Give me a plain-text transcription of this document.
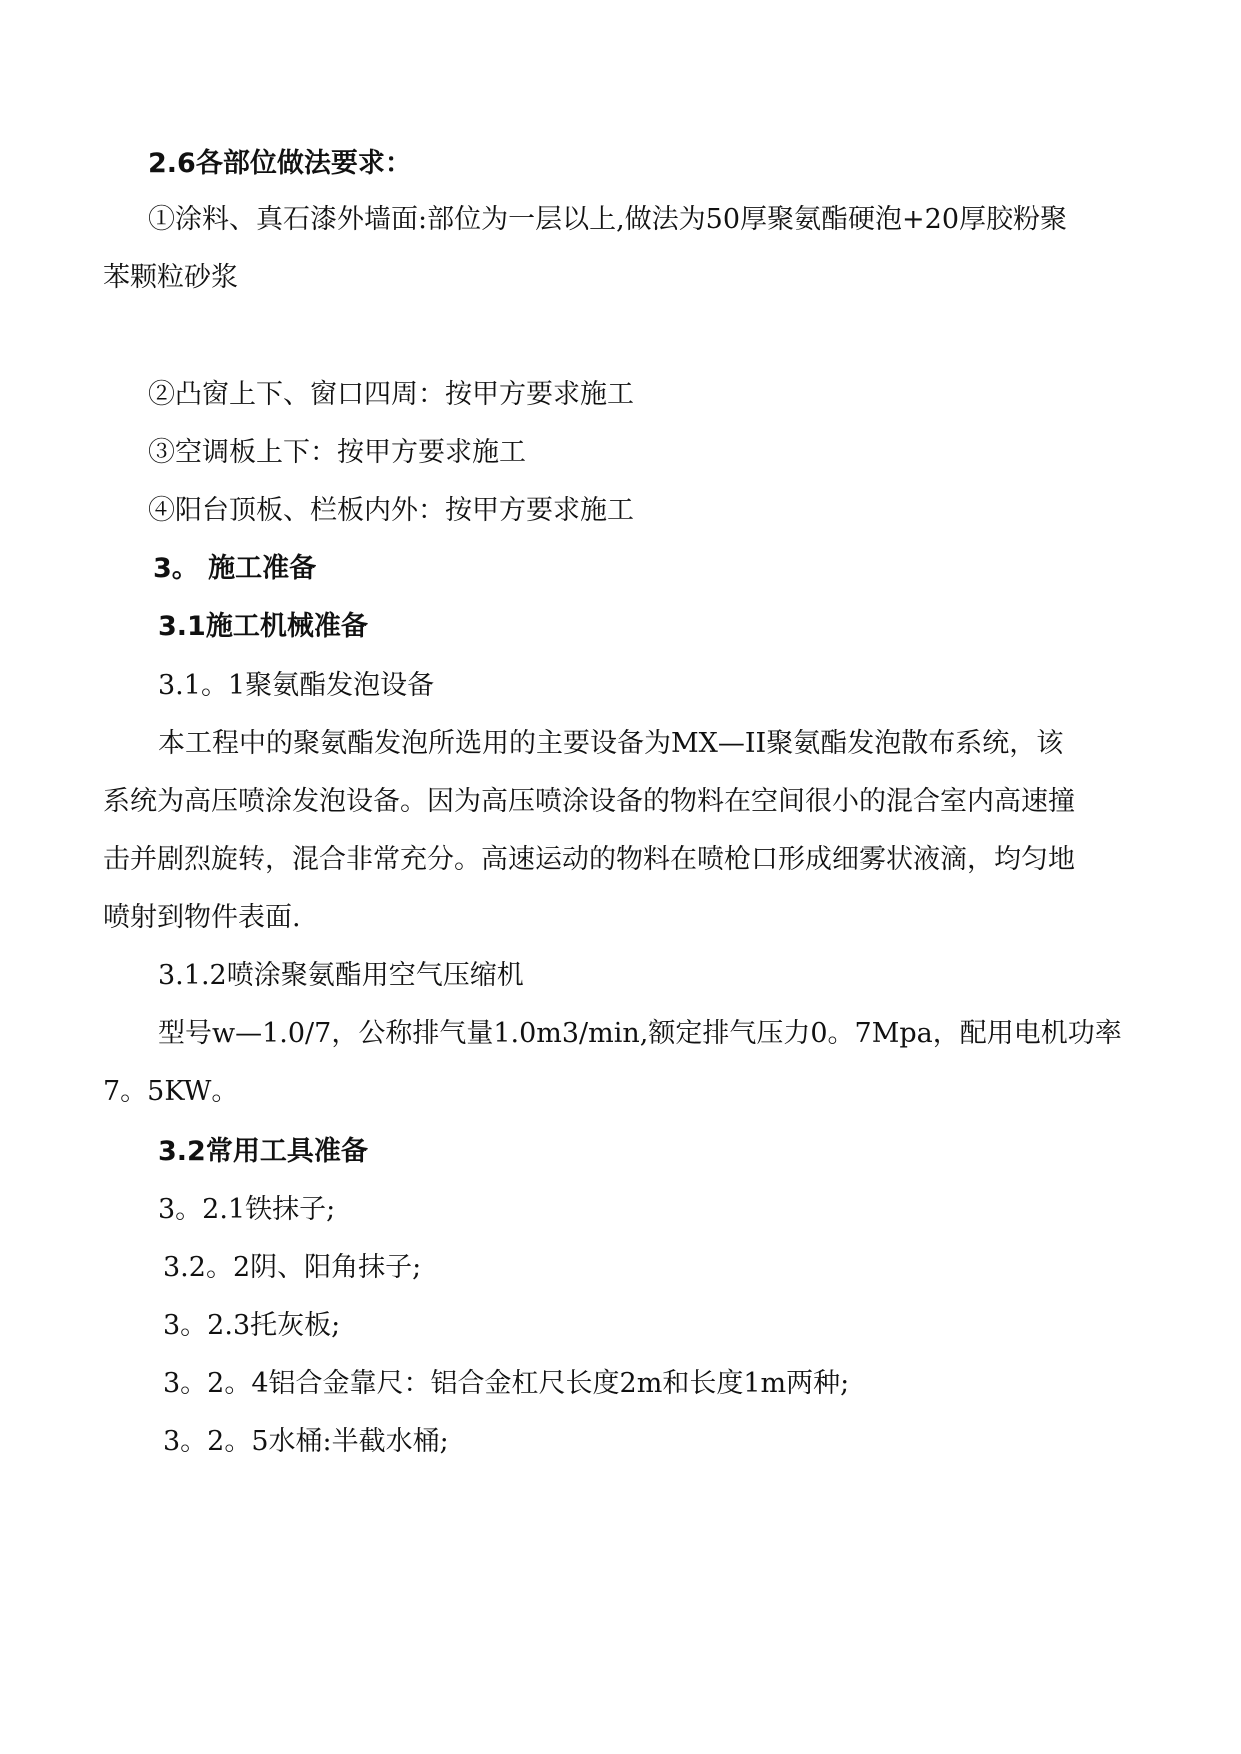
2.6各部位做法要求：
①涂料、真石漆外墙面:部位为一层以上,做法为50厚聚氨酯硬泡+20厚胶粉聚
苯颗粒砂浆
②凸窗上下、窗口四周：按甲方要求施工
③空调板上下：按甲方要求施工
④阳台顶板、栏板内外：按甲方要求施工
3。 施工准备
3.1施工机械准备
3.1。1聚氨酯发泡设备
本工程中的聚氨酯发泡所选用的主要设备为MX—II聚氨酯发泡散布系统，该
系统为高压喷涂发泡设备。因为高压喷涂设备的物料在空间很小的混合室内高速撞
击并剧烈旋转，混合非常充分。高速运动的物料在喷枪口形成细雾状液滴，均匀地
喷射到物件表面.
3.1.2喷涂聚氨酯用空气压缩机
型号w—1.0/7，公称排气量1.0m3/min,额定排气压力0。7Mpa，配用电机功率
7。5KW。
3.2常用工具准备
3。2.1铁抹子;
3.2。2阴、阳角抹子;
3。2.3托灰板;
3。2。4铝合金靠尺：铝合金杠尺长度2m和长度1m两种;
3。2。5水桶:半截水桶;
